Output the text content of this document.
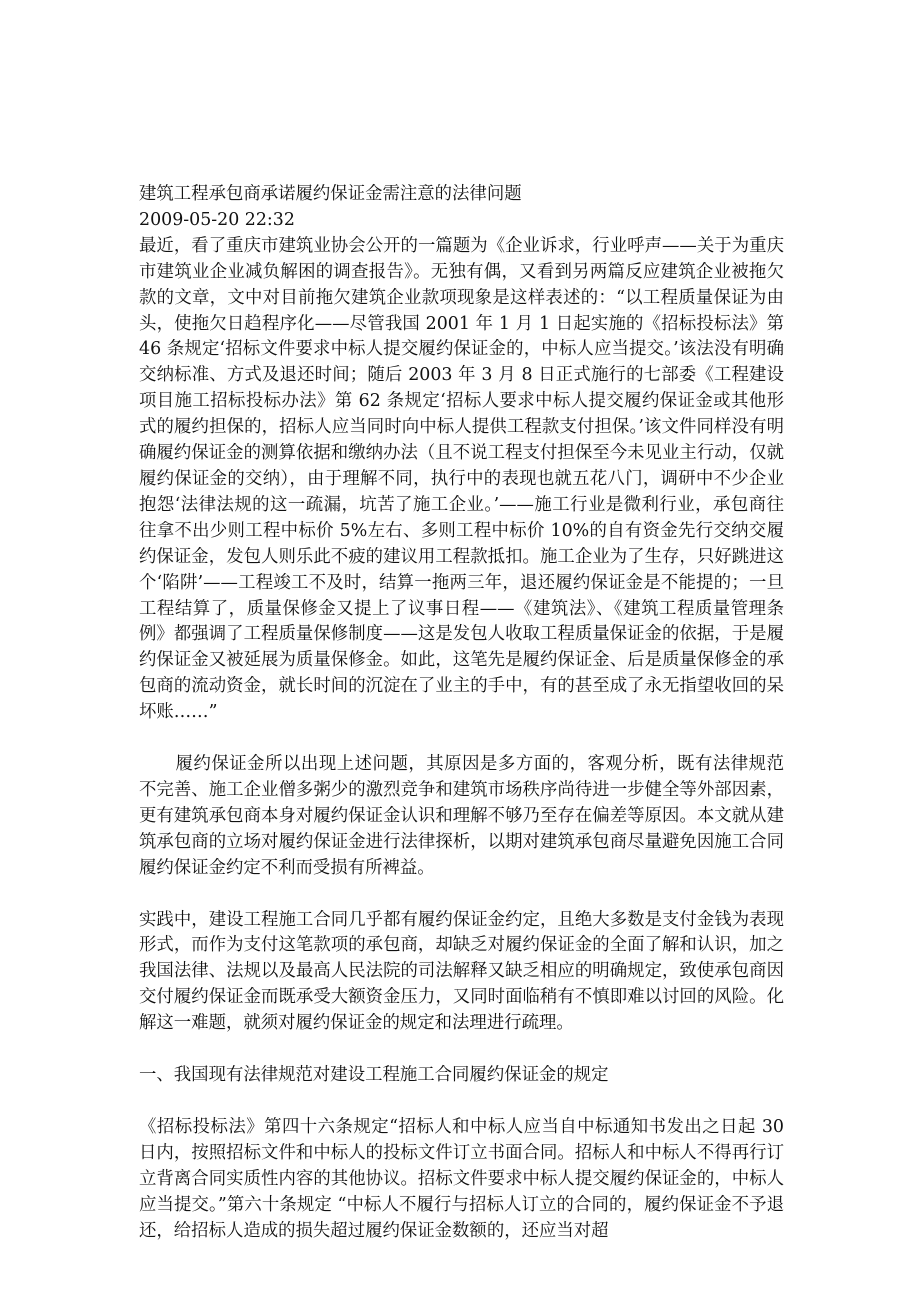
建筑工程承包商承诺履约保证金需注意的法律问题

2009-05-20 22:32

最近，看了重庆市建筑业协会公开的一篇题为《企业诉求，行业呼声——关于为重庆市建筑业企业减负解困的调查报告》。无独有偶，又看到另两篇反应建筑企业被拖欠款的文章，文中对目前拖欠建筑企业款项现象是这样表述的：“以工程质量保证为由头，使拖欠日趋程序化——尽管我国 2001 年 1 月 1 日起实施的《招标投标法》第 46 条规定‘招标文件要求中标人提交履约保证金的，中标人应当提交。’该法没有明确交纳标准、方式及退还时间；随后 2003 年 3 月 8 日正式施行的七部委《工程建设项目施工招标投标办法》第 62 条规定‘招标人要求中标人提交履约保证金或其他形式的履约担保的，招标人应当同时向中标人提供工程款支付担保。’该文件同样没有明确履约保证金的测算依据和缴纳办法（且不说工程支付担保至今未见业主行动，仅就履约保证金的交纳），由于理解不同，执行中的表现也就五花八门，调研中不少企业抱怨‘法律法规的这一疏漏，坑苦了施工企业。’——施工行业是微利行业，承包商往往拿不出少则工程中标价 5%左右、多则工程中标价 10%的自有资金先行交纳交履约保证金，发包人则乐此不疲的建议用工程款抵扣。施工企业为了生存，只好跳进这个‘陷阱’——工程竣工不及时，结算一拖两三年，退还履约保证金是不能提的；一旦工程结算了，质量保修金又提上了议事日程——《建筑法》、《建筑工程质量管理条例》都强调了工程质量保修制度——这是发包人收取工程质量保证金的依据，于是履约保证金又被延展为质量保修金。如此，这笔先是履约保证金、后是质量保修金的承包商的流动资金，就长时间的沉淀在了业主的手中，有的甚至成了永无指望收回的呆坏账……”

履约保证金所以出现上述问题，其原因是多方面的，客观分析，既有法律规范不完善、施工企业僧多粥少的激烈竞争和建筑市场秩序尚待进一步健全等外部因素，更有建筑承包商本身对履约保证金认识和理解不够乃至存在偏差等原因。本文就从建筑承包商的立场对履约保证金进行法律探析，以期对建筑承包商尽量避免因施工合同履约保证金约定不利而受损有所裨益。

实践中，建设工程施工合同几乎都有履约保证金约定，且绝大多数是支付金钱为表现形式，而作为支付这笔款项的承包商，却缺乏对履约保证金的全面了解和认识，加之我国法律、法规以及最高人民法院的司法解释又缺乏相应的明确规定，致使承包商因交付履约保证金而既承受大额资金压力，又同时面临稍有不慎即难以讨回的风险。化解这一难题，就须对履约保证金的规定和法理进行疏理。

一、我国现有法律规范对建设工程施工合同履约保证金的规定

《招标投标法》第四十六条规定“招标人和中标人应当自中标通知书发出之日起 30 日内，按照招标文件和中标人的投标文件订立书面合同。招标人和中标人不得再行订立背离合同实质性内容的其他协议。招标文件要求中标人提交履约保证金的，中标人应当提交。”第六十条规定 “中标人不履行与招标人订立的合同的，履约保证金不予退还，给招标人造成的损失超过履约保证金数额的，还应当对超
